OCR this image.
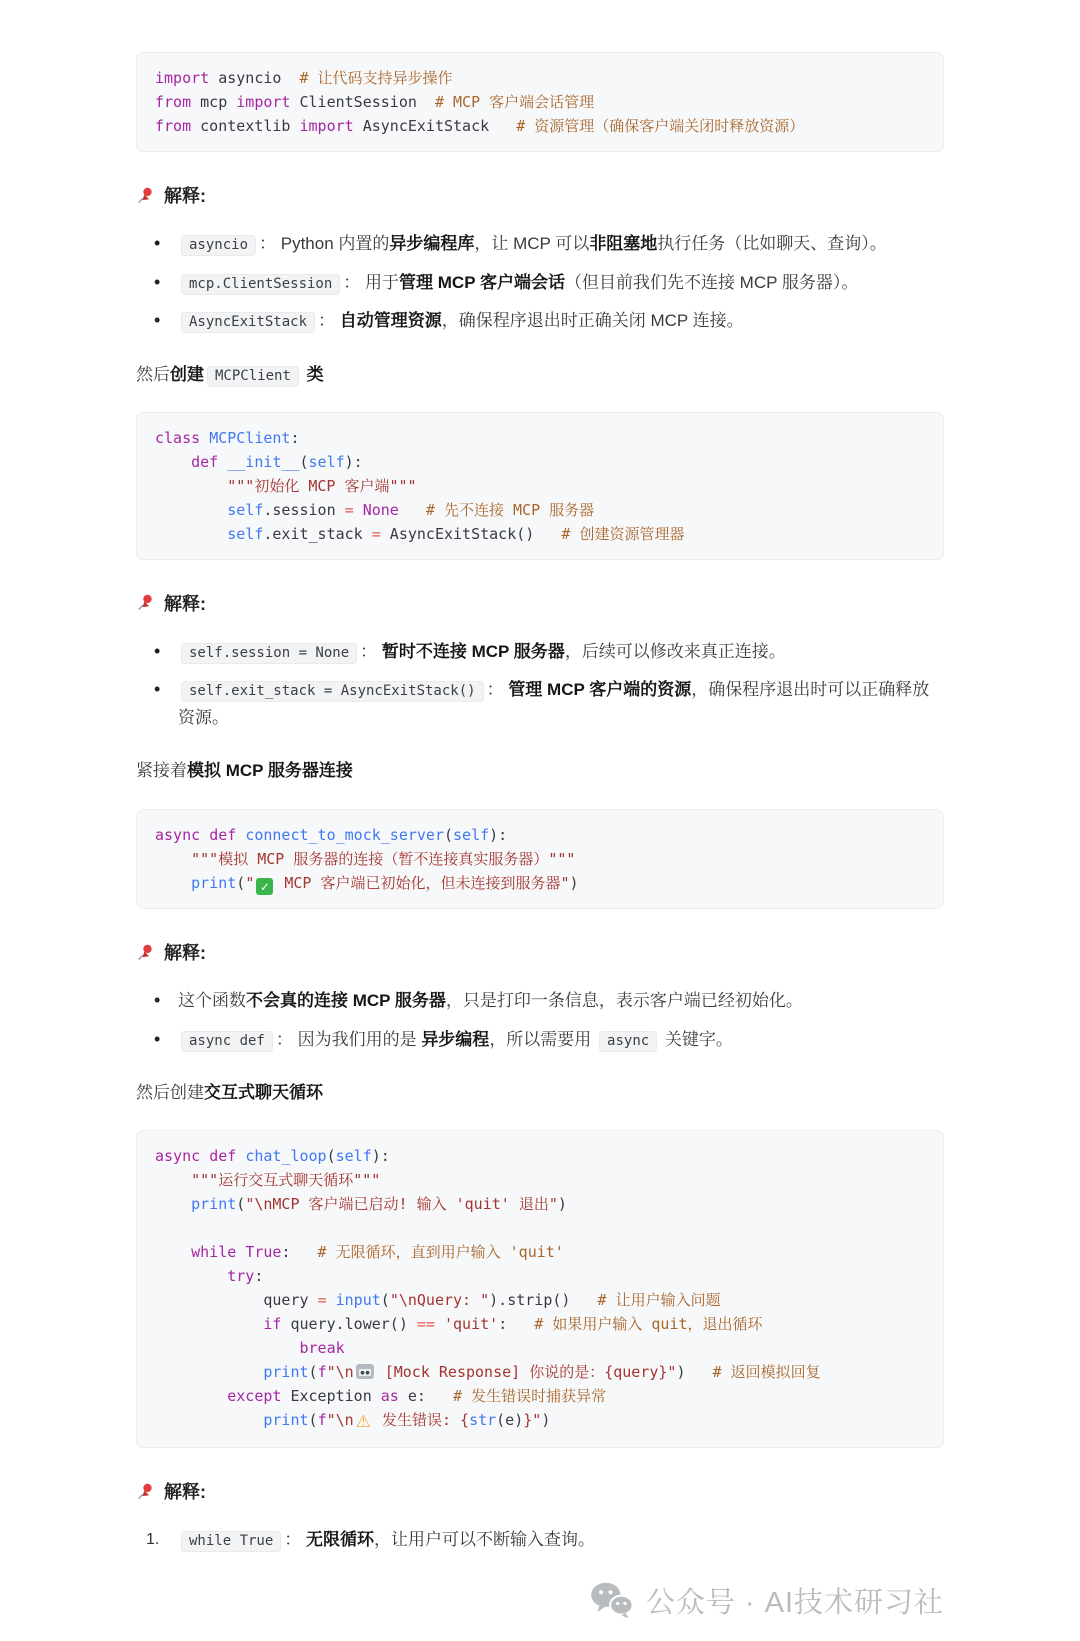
import asyncio  # 让代码支持异步操作
from mcp import ClientSession  # MCP 客户端会话管理
from contextlib import AsyncExitStack   # 资源管理（确保客户端关闭时释放资源）
解释:
• asyncio ： Python 内置的异步编程库，让 MCP 可以非阻塞地执行任务（比如聊天、查询）。
• mcp.ClientSession ： 用于管理 MCP 客户端会话（但目前我们先不连接 MCP 服务器）。
• AsyncExitStack ： 自动管理资源，确保程序退出时正确关闭 MCP 连接。

然后创建 MCPClient 类

class MCPClient:
def __init__(self):
"""初始化 MCP 客户端"""
self.session = None   # 先不连接 MCP 服务器
self.exit_stack = AsyncExitStack()   # 创建资源管理器
解释:
• self.session = None ： 暂时不连接 MCP 服务器，后续可以修改来真正连接。
• self.exit_stack = AsyncExitStack() ： 管理 MCP 客户端的资源，确保程序退出时可以正确释放资源。

紧接着模拟 MCP 服务器连接

async def connect_to_mock_server(self):
"""模拟 MCP 服务器的连接（暂不连接真实服务器）"""
print(" ✓ MCP 客户端已初始化，但未连接到服务器")
解释:
• 这个函数不会真的连接 MCP 服务器，只是打印一条信息，表示客户端已经初始化。
• async def ： 因为我们用的是 异步编程，所以需要用 async 关键字。

然后创建交互式聊天循环

async def chat_loop(self):
"""运行交互式聊天循环"""
print("\nMCP 客户端已启动! 输入 'quit' 退出")

while True:   # 无限循环，直到用户输入 'quit'
try:
query = input("\nQuery: ").strip()   # 让用户输入问题
if query.lower() == 'quit':   # 如果用户输入 quit，退出循环
break
print(f"\n [Mock Response] 你说的是：{query}")   # 返回模拟回复
except Exception as e:   # 发生错误时捕获异常
print(f"\n ⚠ 发生错误: {str(e)}")
解释:
1. while True ： 无限循环，让用户可以不断输入查询。
公众号 · AI技术研习社
